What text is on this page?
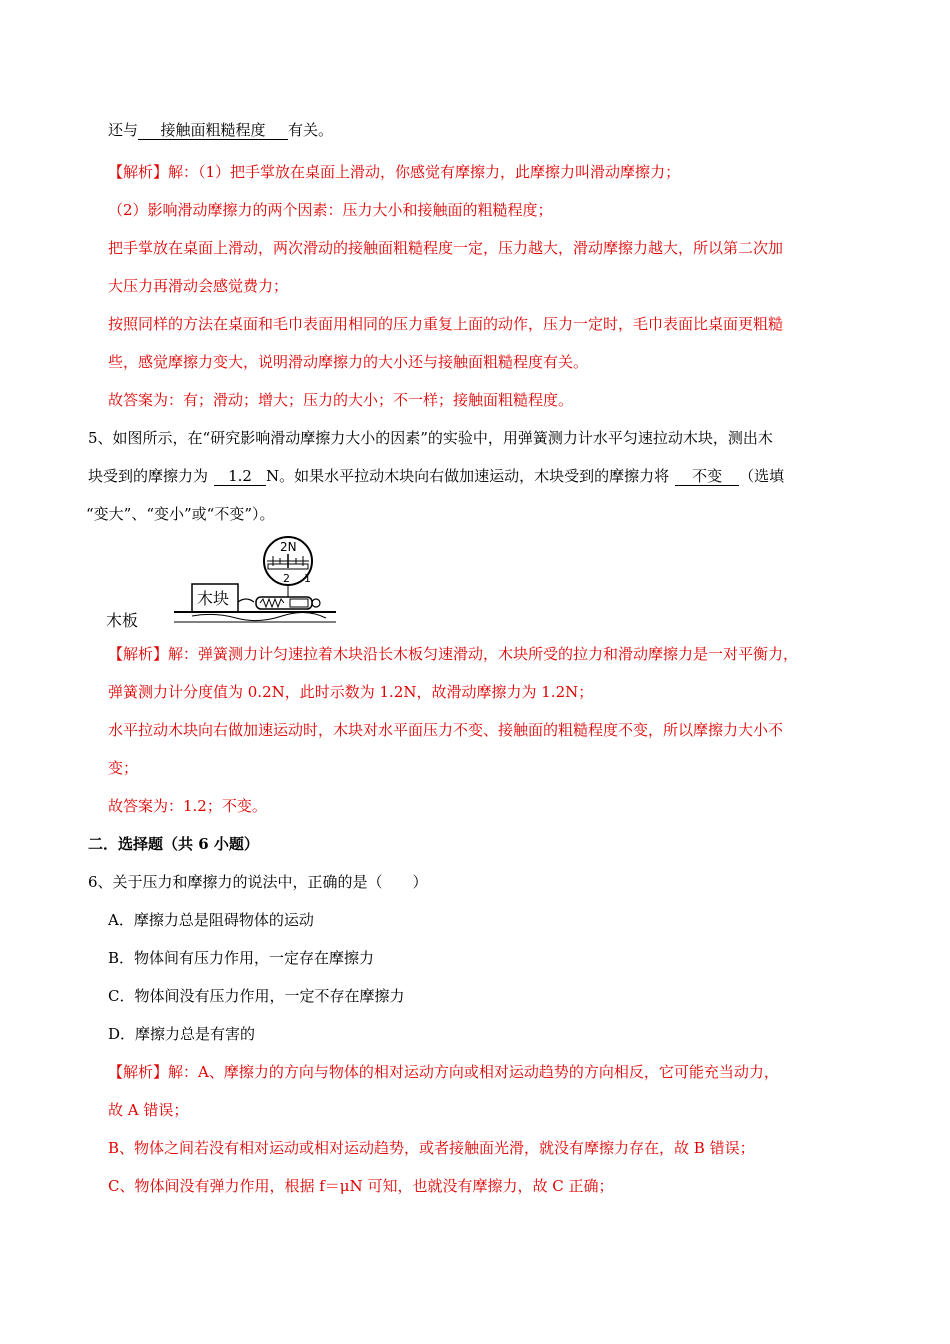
还与 接触面粗糙程度 有关。
【解析】解：（1）把手掌放在桌面上滑动，你感觉有摩擦力，此摩擦力叫滑动摩擦力；
（2）影响滑动摩擦力的两个因素：压力大小和接触面的粗糙程度；
把手掌放在桌面上滑动，两次滑动的接触面粗糙程度一定，压力越大，滑动摩擦力越大，所以第二次加
大压力再滑动会感觉费力；
按照同样的方法在桌面和毛巾表面用相同的压力重复上面的动作，压力一定时，毛巾表面比桌面更粗糙
些，感觉摩擦力变大，说明滑动摩擦力的大小还与接触面粗糙程度有关。
故答案为：有；滑动；增大；压力的大小；不一样；接触面粗糙程度。
5、如图所示，在“研究影响滑动摩擦力大小的因素”的实验中，用弹簧测力计水平匀速拉动木块，测出木
块受到的摩擦力为 1.2 N。如果水平拉动木块向右做加速运动，木块受到的摩擦力将 不变 （选填
“变大”、“变小”或“不变”）。
2N
2 1
木块
木板
【解析】解：弹簧测力计匀速拉着木块沿长木板匀速滑动，木块所受的拉力和滑动摩擦力是一对平衡力，
弹簧测力计分度值为 0.2N，此时示数为 1.2N，故滑动摩擦力为 1.2N；
水平拉动木块向右做加速运动时，木块对水平面压力不变、接触面的粗糙程度不变，所以摩擦力大小不
变；
故答案为：1.2；不变。
二．选择题（共 6 小题）
6、关于压力和摩擦力的说法中，正确的是（　　）
A．摩擦力总是阻碍物体的运动
B．物体间有压力作用，一定存在摩擦力
C．物体间没有压力作用，一定不存在摩擦力
D．摩擦力总是有害的
【解析】解：A、摩擦力的方向与物体的相对运动方向或相对运动趋势的方向相反，它可能充当动力，
故 A 错误；
B、物体之间若没有相对运动或相对运动趋势，或者接触面光滑，就没有摩擦力存在，故 B 错误；
C、物体间没有弹力作用，根据 f＝μN 可知，也就没有摩擦力，故 C 正确；
